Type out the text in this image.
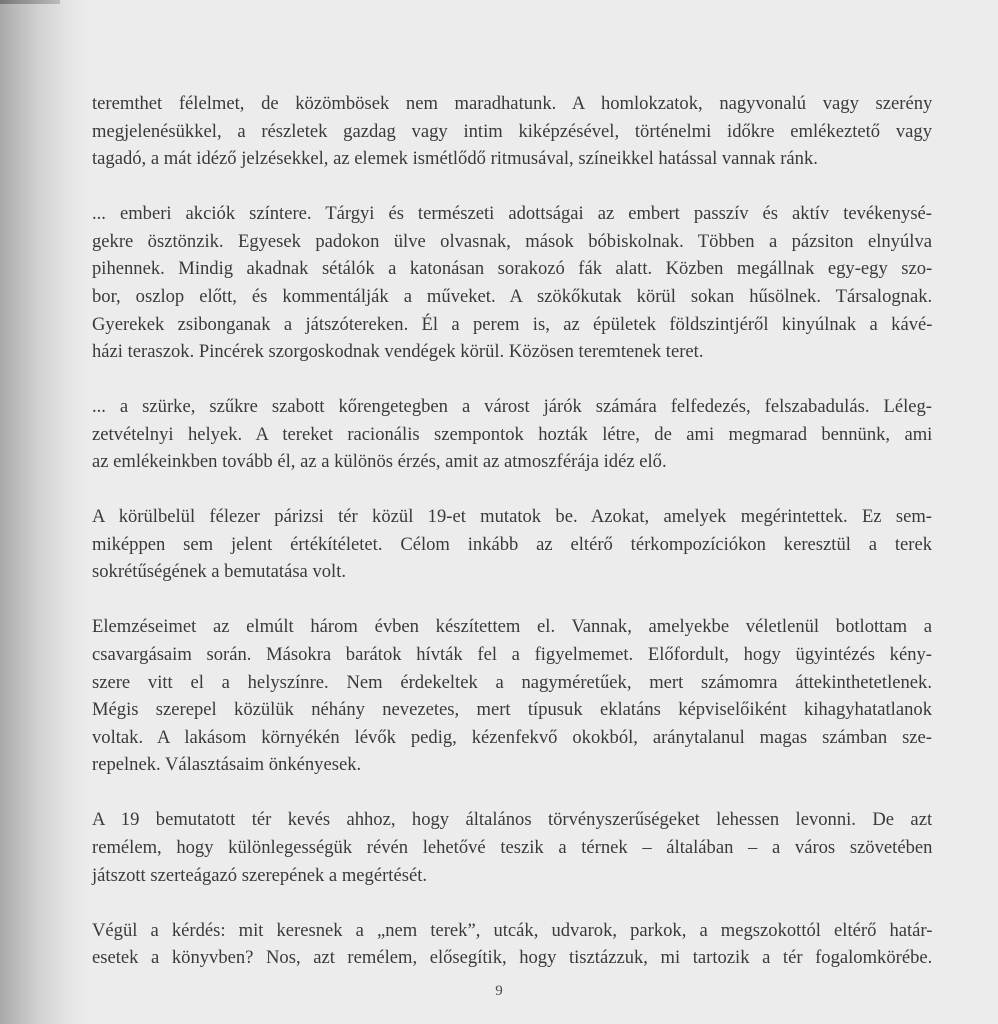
teremthet félelmet, de közömbösek nem maradhatunk. A homlokzatok, nagyvonalú vagy szerény
megjelenésükkel, a részletek gazdag vagy intim kiképzésével, történelmi időkre emlékeztető vagy
tagadó, a mát idéző jelzésekkel, az elemek ismétlődő ritmusával, színeikkel hatással vannak ránk.
... emberi akciók színtere. Tárgyi és természeti adottságai az embert passzív és aktív tevékenysé-
gekre ösztönzik. Egyesek padokon ülve olvasnak, mások bóbiskolnak. Többen a pázsiton elnyúlva
pihennek. Mindig akadnak sétálók a katonásan sorakozó fák alatt. Közben megállnak egy-egy szo-
bor, oszlop előtt, és kommentálják a műveket. A szökőkutak körül sokan hűsölnek. Társalognak.
Gyerekek zsibonganak a játszótereken. Él a perem is, az épületek földszintjéről kinyúlnak a kávé-
házi teraszok. Pincérek szorgoskodnak vendégek körül. Közösen teremtenek teret.
... a szürke, szűkre szabott kőrengetegben a várost járók számára felfedezés, felszabadulás. Léleg-
zetvételnyi helyek. A tereket racionális szempontok hozták létre, de ami megmarad bennünk, ami
az emlékeinkben tovább él, az a különös érzés, amit az atmoszférája idéz elő.
A körülbelül félezer párizsi tér közül 19-et mutatok be. Azokat, amelyek megérintettek. Ez sem-
miképpen sem jelent értékítéletet. Célom inkább az eltérő térkompozíciókon keresztül a terek
sokrétűségének a bemutatása volt.
Elemzéseimet az elmúlt három évben készítettem el. Vannak, amelyekbe véletlenül botlottam a
csavargásaim során. Másokra barátok hívták fel a figyelmemet. Előfordult, hogy ügyintézés kény-
szere vitt el a helyszínre. Nem érdekeltek a nagyméretűek, mert számomra áttekinthetetlenek.
Mégis szerepel közülük néhány nevezetes, mert típusuk eklatáns képviselőiként kihagyhatatlanok
voltak. A lakásom környékén lévők pedig, kézenfekvő okokból, aránytalanul magas számban sze-
repelnek. Választásaim önkényesek.
A 19 bemutatott tér kevés ahhoz, hogy általános törvényszerűségeket lehessen levonni. De azt
remélem, hogy különlegességük révén lehetővé teszik a térnek – általában – a város szövetében
játszott szerteágazó szerepének a megértését.
Végül a kérdés: mit keresnek a „nem terek”, utcák, udvarok, parkok, a megszokottól eltérő határ-
esetek a könyvben? Nos, azt remélem, elősegítik, hogy tisztázzuk, mi tartozik a tér fogalomkörébe.
9
